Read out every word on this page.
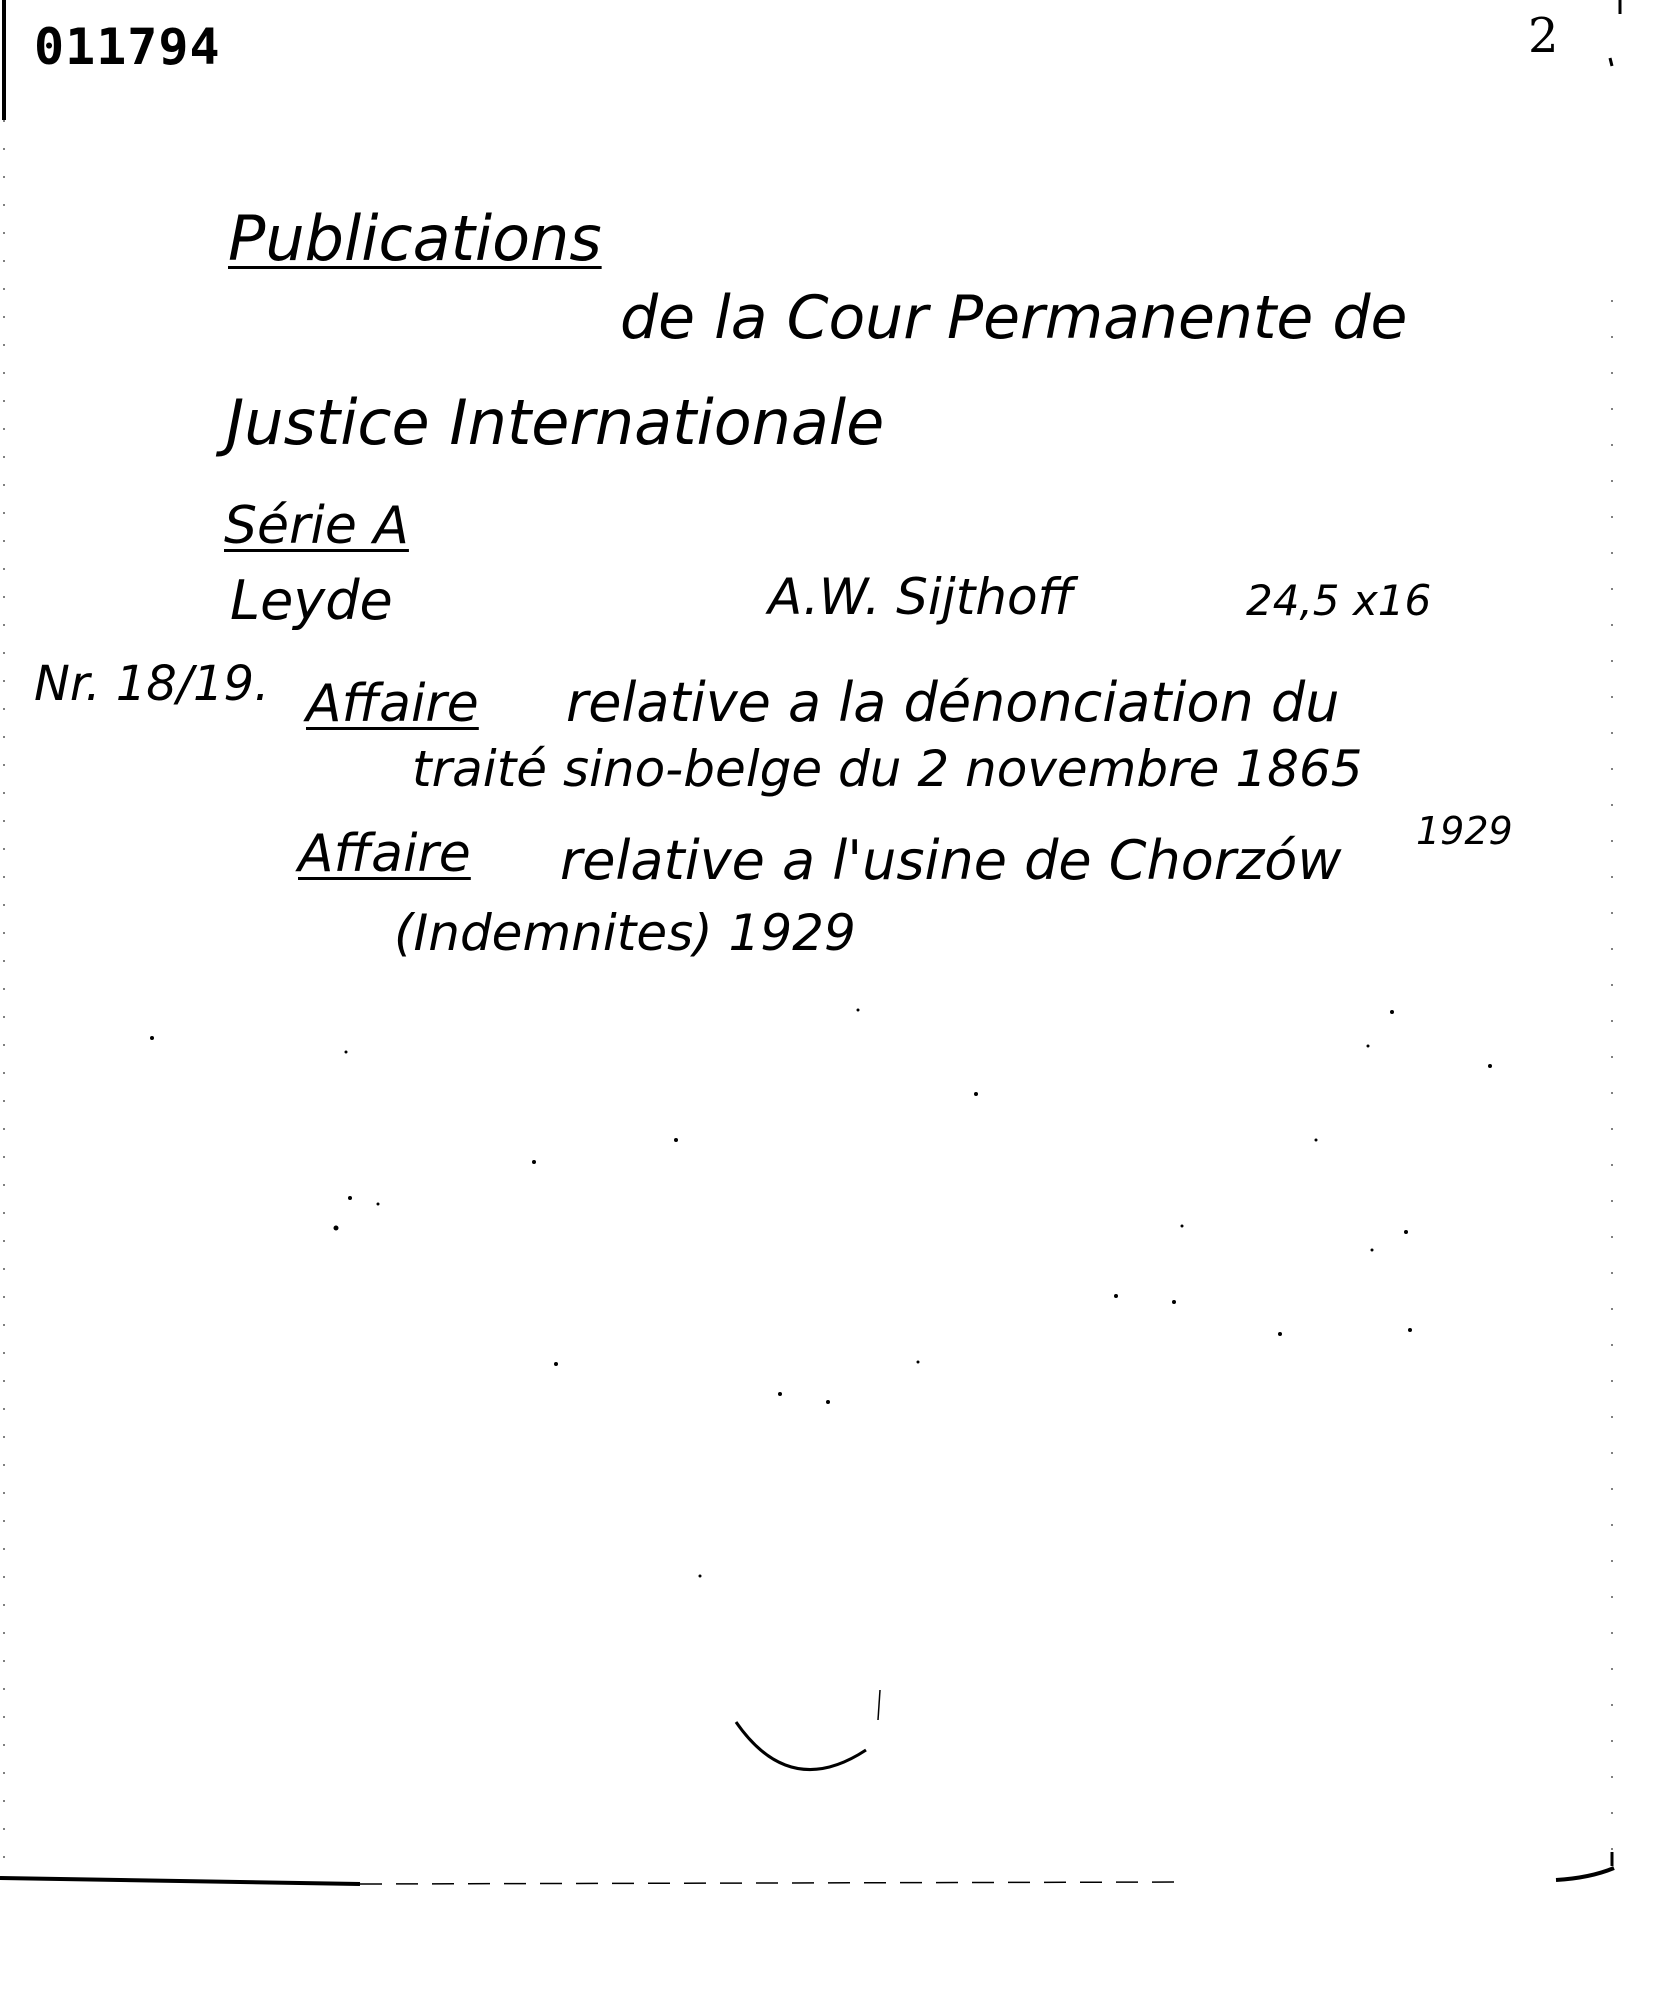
011794	2
Publications
de la Cour Permanente de
Justice Internationale
Série A
Leyde	A.W. Sijthoff	24,5 x16
Nr. 18/19. Affaire relative a la dénonciation du
traité sino-belge du 2 novembre 1865
1929
Affaire relative a l'usine de Chorzów
(Indemnites) 1929
